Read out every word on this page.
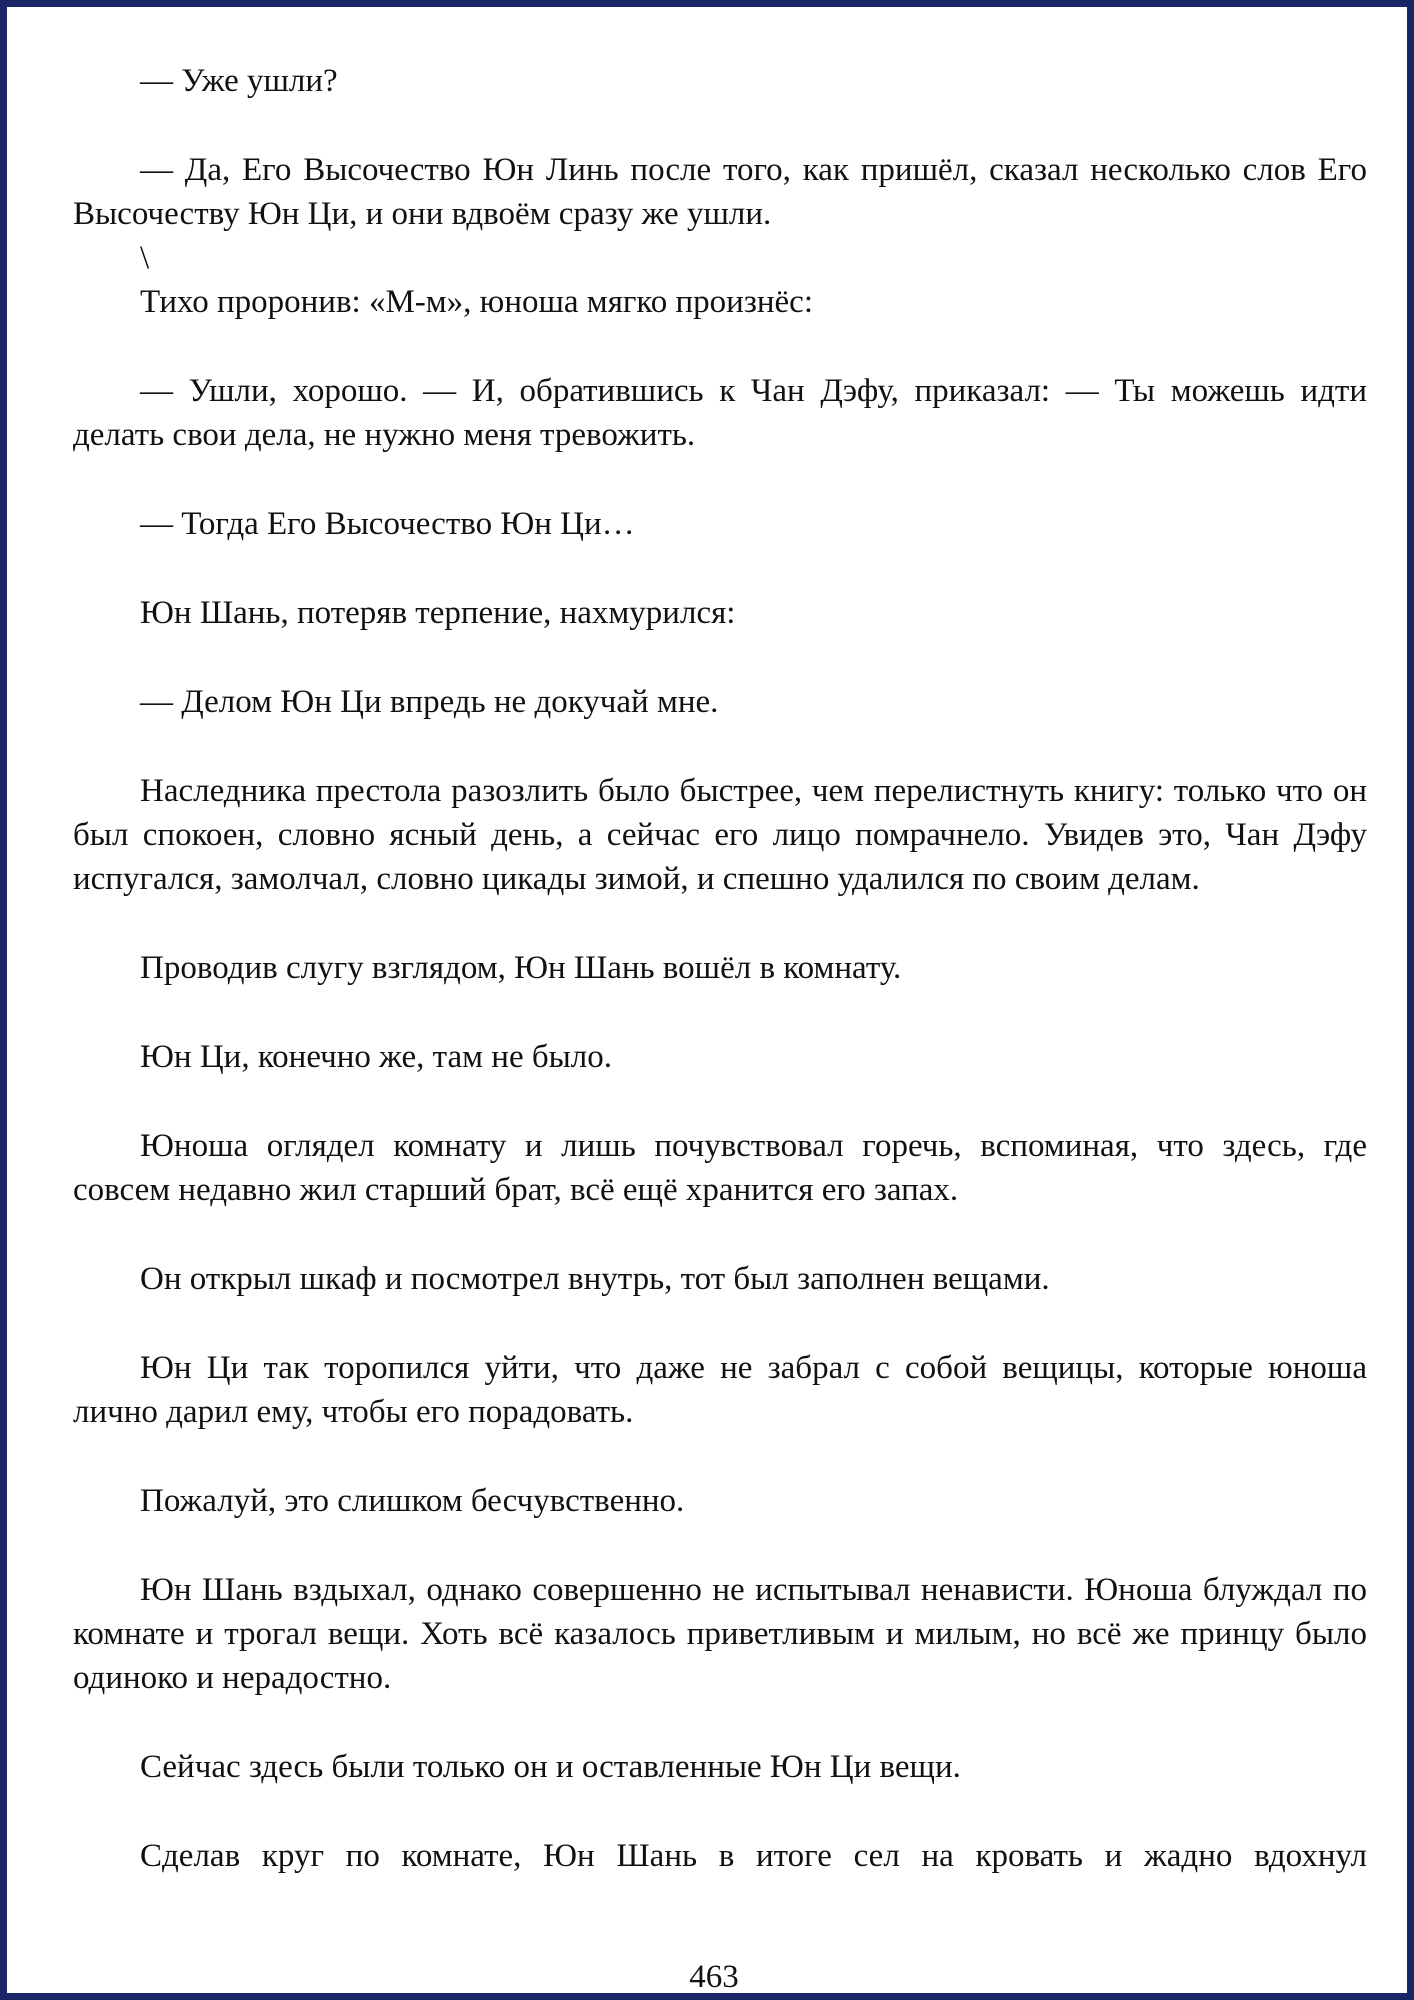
— Уже ушли?

— Да, Его Высочество Юн Линь после того, как пришёл, сказал несколько слов Его Высочеству Юн Ци, и они вдвоём сразу же ушли.

\

Тихо проронив: «М-м», юноша мягко произнёс:

— Ушли, хорошо. — И, обратившись к Чан Дэфу, приказал: — Ты можешь идти делать свои дела, не нужно меня тревожить.

— Тогда Его Высочество Юн Ци…

Юн Шань, потеряв терпение, нахмурился:

— Делом Юн Ци впредь не докучай мне.

Наследника престола разозлить было быстрее, чем перелистнуть книгу: только что он был спокоен, словно ясный день, а сейчас его лицо помрачнело. Увидев это, Чан Дэфу испугался, замолчал, словно цикады зимой, и спешно удалился по своим делам.

Проводив слугу взглядом, Юн Шань вошёл в комнату.

Юн Ци, конечно же, там не было.

Юноша оглядел комнату и лишь почувствовал горечь, вспоминая, что здесь, где совсем недавно жил старший брат, всё ещё хранится его запах.

Он открыл шкаф и посмотрел внутрь, тот был заполнен вещами.

Юн Ци так торопился уйти, что даже не забрал с собой вещицы, которые юноша лично дарил ему, чтобы его порадовать.

Пожалуй, это слишком бесчувственно.

Юн Шань вздыхал, однако совершенно не испытывал ненависти. Юноша блуждал по комнате и трогал вещи. Хоть всё казалось приветливым и милым, но всё же принцу было одиноко и нерадостно.

Сейчас здесь были только он и оставленные Юн Ци вещи.

Сделав круг по комнате, Юн Шань в итоге сел на кровать и жадно вдохнул

463
